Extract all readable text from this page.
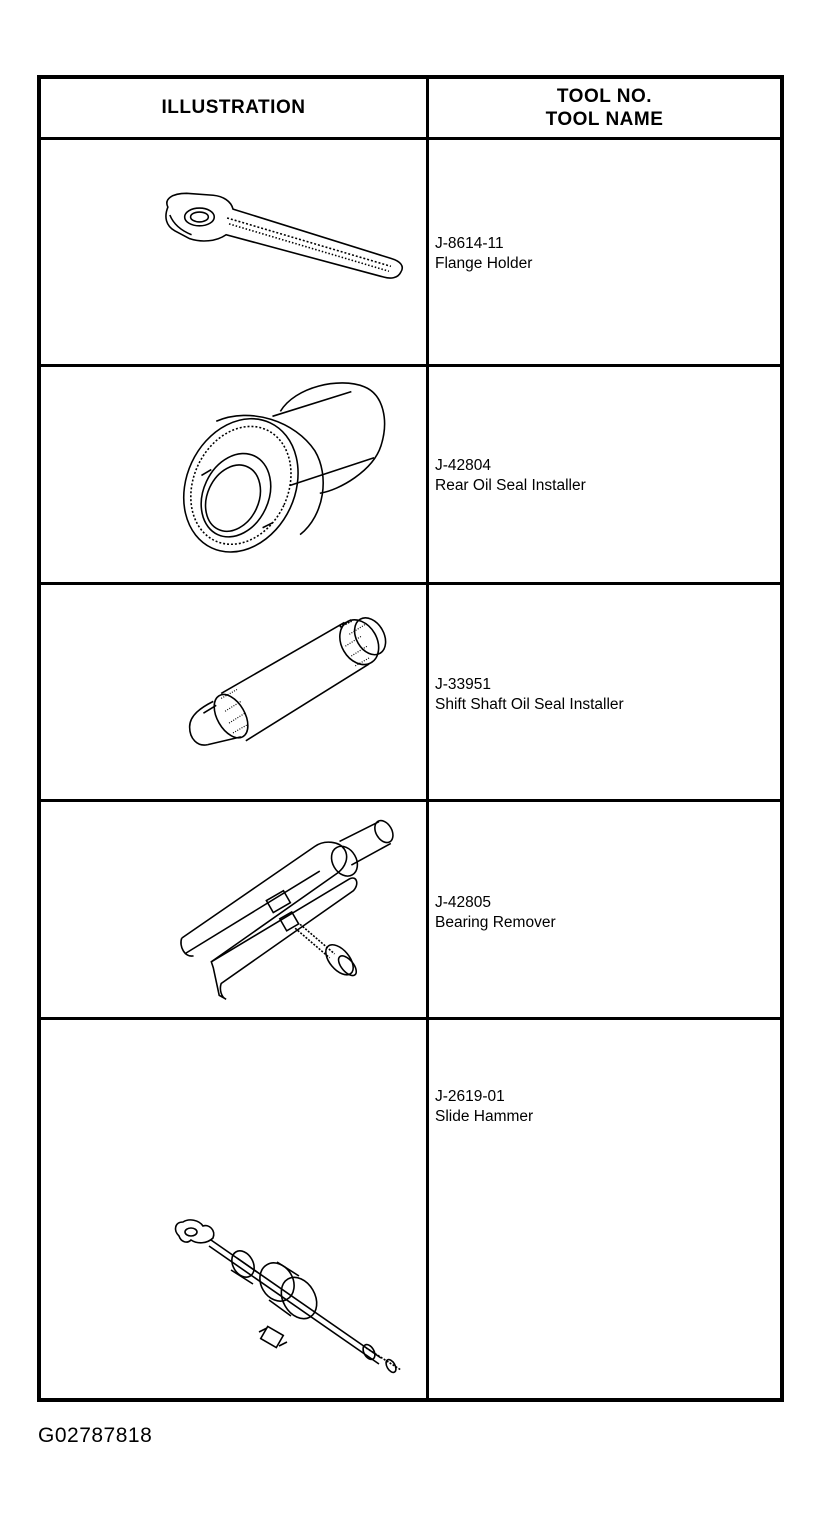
ILLUSTRATION
TOOL NO.
TOOL NAME
J-8614-11
Flange Holder
J-42804
Rear Oil Seal Installer
J-33951
Shift Shaft Oil Seal Installer
J-42805
Bearing Remover
J-2619-01
Slide Hammer
G02787818
